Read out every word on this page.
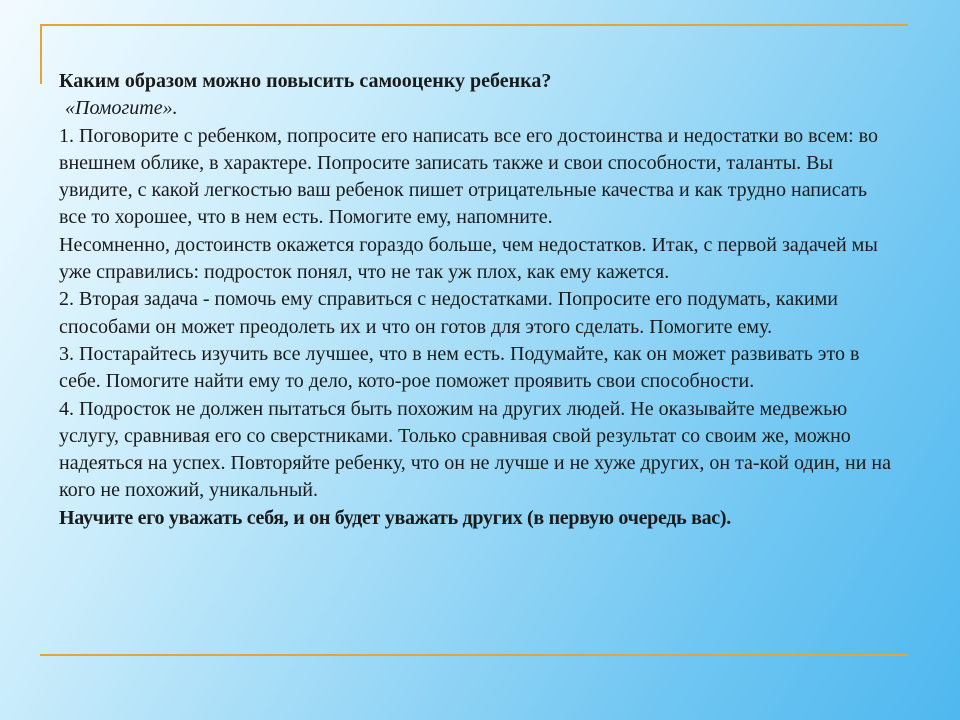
Каким образом можно повысить самооценку ребенка?

«Помогите».

1. Поговорите с ребенком, попросите его написать все его достоинства и недостатки во всем: во внешнем облике, в характере. Попросите записать также и свои способности, таланты. Вы увидите, с какой легкостью ваш ребенок пишет отрицательные качества и как трудно написать все то хорошее, что в нем есть. Помогите ему, напомните.

Несомненно, достоинств окажется гораздо больше, чем недостатков. Итак, с первой задачей мы уже справились: подросток понял, что не так уж плох, как ему кажется.

2. Вторая задача - помочь ему справиться с недостатками. Попросите его подумать, какими способами он может преодолеть их и что он готов для этого сделать. Помогите ему.

3. Постарайтесь изучить все лучшее, что в нем есть. Подумайте, как он может развивать это в себе. Помогите найти ему то дело, кото-рое поможет проявить свои способности.

4. Подросток не должен пытаться быть похожим на других людей. Не оказывайте медвежью услугу, сравнивая его со сверстниками. Только сравнивая свой результат со своим же, можно надеяться на успех. Повторяйте ребенку, что он не лучше и не хуже других, он та-кой один, ни на кого не похожий, уникальный.

Научите его уважать себя, и он будет уважать других (в первую очередь вас).
